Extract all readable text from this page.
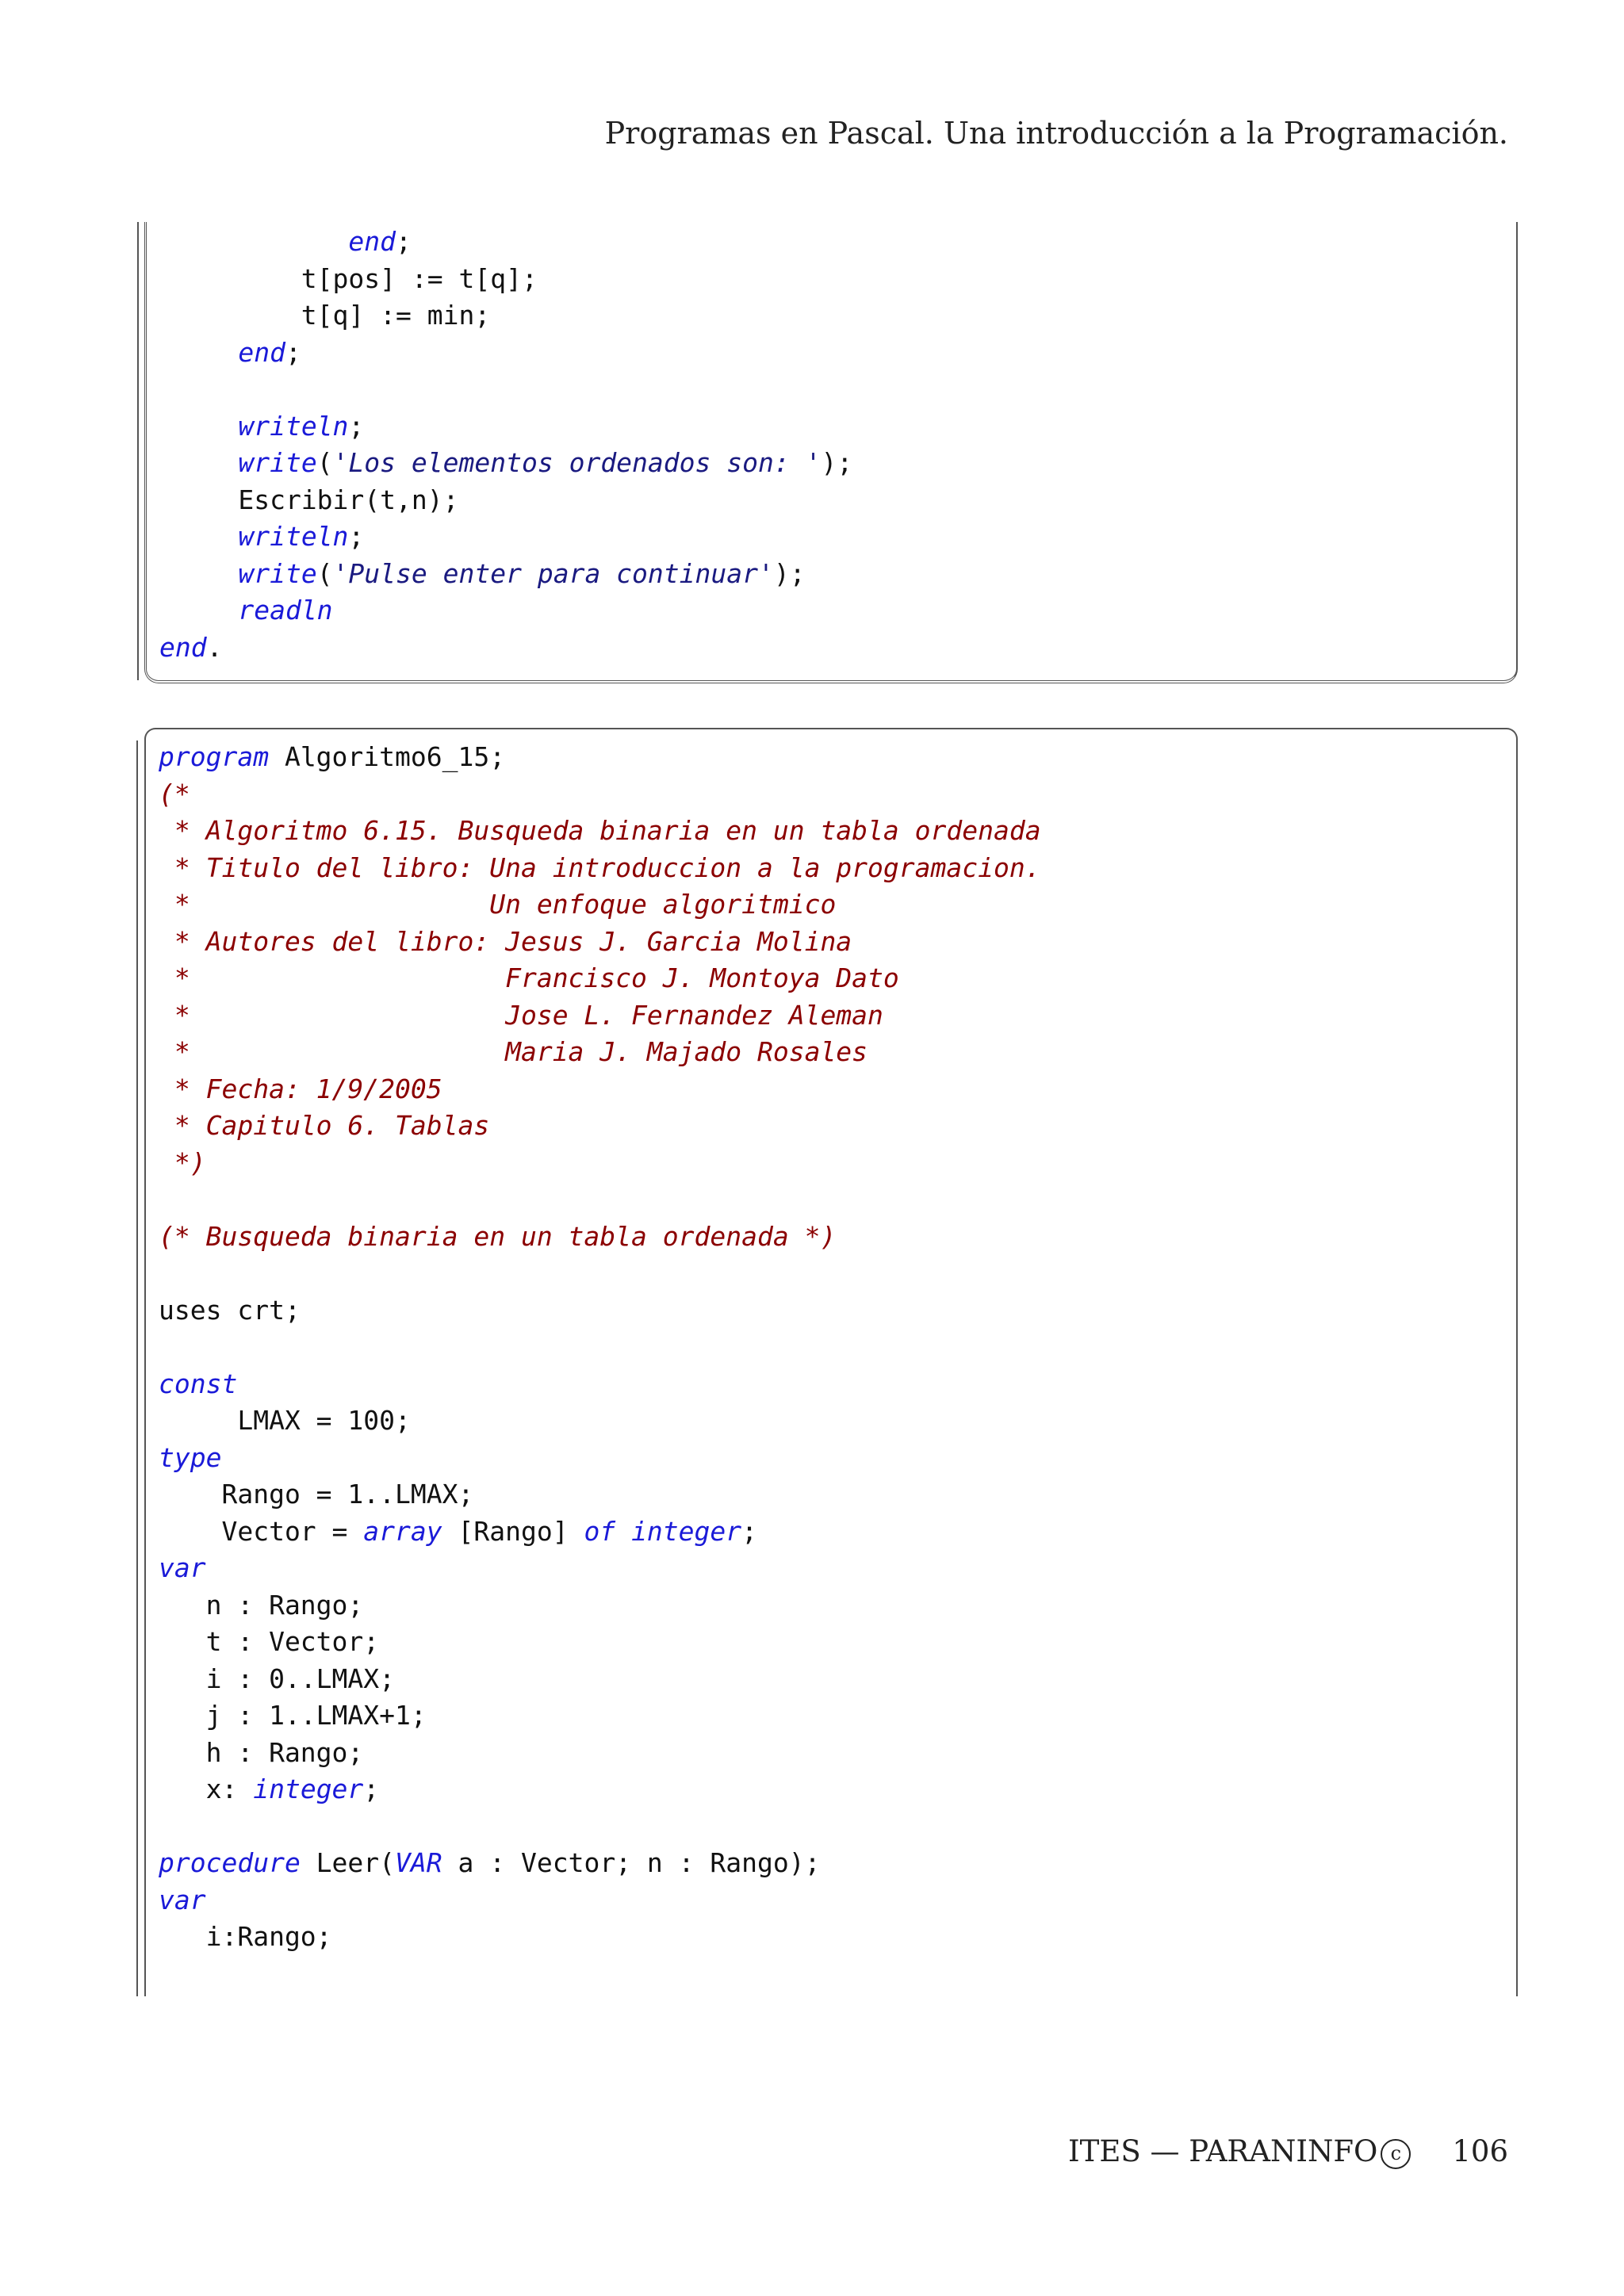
Programas en Pascal. Una introducción a la Programación.
end;
t[pos] := t[q];
t[q] := min;
end;
writeln;
write('Los elementos ordenados son: ');
Escribir(t,n);
writeln;
write('Pulse enter para continuar');
readln
end.
program Algoritmo6_15;
(*
* Algoritmo 6.15. Busqueda binaria en un tabla ordenada
* Titulo del libro: Una introduccion a la programacion.
*                   Un enfoque algoritmico
* Autores del libro: Jesus J. Garcia Molina
*                    Francisco J. Montoya Dato
*                    Jose L. Fernandez Aleman
*                    Maria J. Majado Rosales
* Fecha: 1/9/2005
* Capitulo 6. Tablas
*)
(* Busqueda binaria en un tabla ordenada *)
uses crt;
const
LMAX = 100;
type
Rango = 1..LMAX;
Vector = array [Rango] of integer;
var
n : Rango;
t : Vector;
i : 0..LMAX;
j : 1..LMAX+1;
h : Rango;
x: integer;
procedure Leer(VAR a : Vector; n : Rango);
var
i:Rango;
ITES — PARANINFO c 106
